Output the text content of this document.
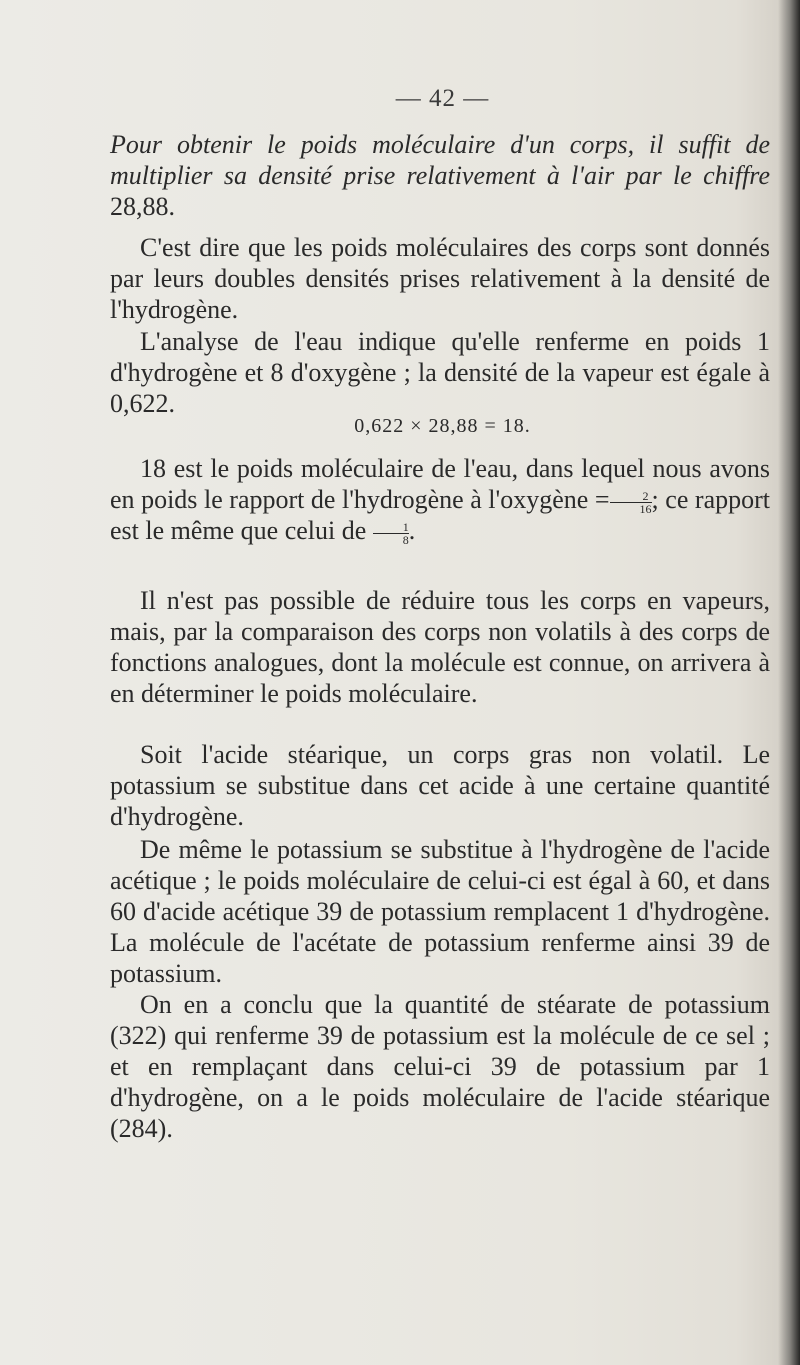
— 42 —
Pour obtenir le poids moléculaire d'un corps, il suffit de multiplier sa densité prise relativement à l'air par le chiffre 28,88.
C'est dire que les poids moléculaires des corps sont donnés par leurs doubles densités prises relativement à la densité de l'hydrogène.
L'analyse de l'eau indique qu'elle renferme en poids 1 d'hydrogène et 8 d'oxygène ; la densité de la vapeur est égale à 0,622.
0,622 × 28,88 = 18.
18 est le poids moléculaire de l'eau, dans lequel nous avons en poids le rapport de l'hydrogène à l'oxygène = $\frac{2}{16}$ ; ce rapport est le même que celui de $\frac{1}{8}$ .
Il n'est pas possible de réduire tous les corps en vapeurs, mais, par la comparaison des corps non volatils à des corps de fonctions analogues, dont la molécule est connue, on arrivera à en déterminer le poids moléculaire.
Soit l'acide stéarique, un corps gras non volatil. Le potassium se substitue dans cet acide à une certaine quantité d'hydrogène.
De même le potassium se substitue à l'hydrogène de l'acide acétique ; le poids moléculaire de celui-ci est égal à 60, et dans 60 d'acide acétique 39 de potassium remplacent 1 d'hydrogène. La molécule de l'acétate de potassium renferme ainsi 39 de potassium.
On en a conclu que la quantité de stéarate de potassium (322) qui renferme 39 de potassium est la molécule de ce sel ; et en remplaçant dans celui-ci 39 de potassium par 1 d'hydrogène, on a le poids moléculaire de l'acide stéarique (284).
